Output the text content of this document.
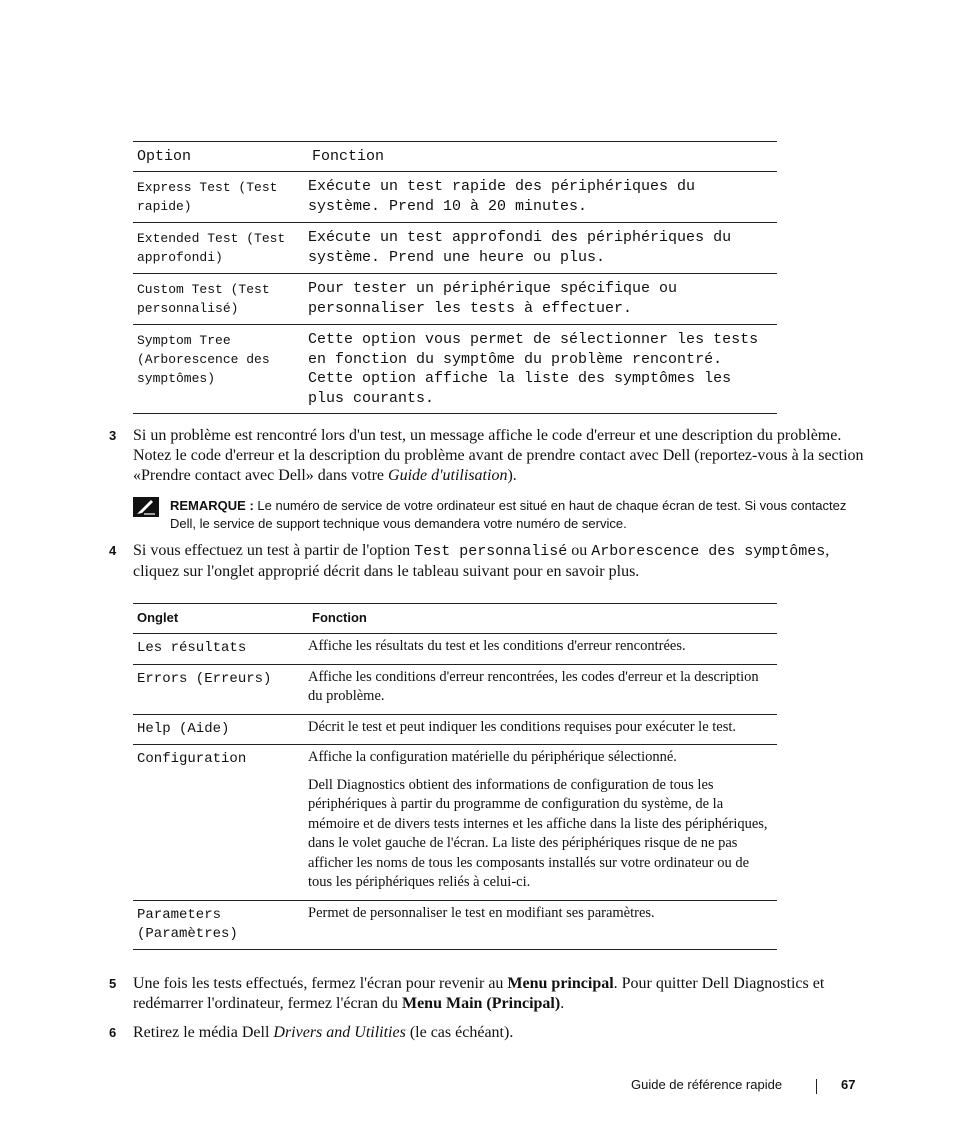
Option	Fonction
Express Test (Test rapide)	Exécute un test rapide des périphériques du système. Prend 10 à 20 minutes.
Extended Test (Test approfondi)	Exécute un test approfondi des périphériques du système. Prend une heure ou plus.
Custom Test (Test personnalisé)	Pour tester un périphérique spécifique ou personnaliser les tests à effectuer.
Symptom Tree (Arborescence des symptômes)	Cette option vous permet de sélectionner les tests en fonction du symptôme du problème rencontré. Cette option affiche la liste des symptômes les plus courants.
3 Si un problème est rencontré lors d'un test, un message affiche le code d'erreur et une description du problème. Notez le code d'erreur et la description du problème avant de prendre contact avec Dell (reportez-vous à la section «Prendre contact avec Dell» dans votre Guide d'utilisation).
REMARQUE : Le numéro de service de votre ordinateur est situé en haut de chaque écran de test. Si vous contactez Dell, le service de support technique vous demandera votre numéro de service.
4 Si vous effectuez un test à partir de l'option Test personnalisé ou Arborescence des symptômes, cliquez sur l'onglet approprié décrit dans le tableau suivant pour en savoir plus.
Onglet	Fonction
Les résultats	Affiche les résultats du test et les conditions d'erreur rencontrées.

Errors (Erreurs)	Affiche les conditions d'erreur rencontrées, les codes d'erreur et la description du problème.

Help (Aide)	Décrit le test et peut indiquer les conditions requises pour exécuter le test.

Configuration	Affiche la configuration matérielle du périphérique sélectionné.

Dell Diagnostics obtient des informations de configuration de tous les périphériques à partir du programme de configuration du système, de la mémoire et de divers tests internes et les affiche dans la liste des périphériques, dans le volet gauche de l'écran. La liste des périphériques risque de ne pas afficher les noms de tous les composants installés sur votre ordinateur ou de tous les périphériques reliés à celui-ci.

Parameters (Paramètres)	Permet de personnaliser le test en modifiant ses paramètres.

5 Une fois les tests effectués, fermez l'écran pour revenir au Menu principal. Pour quitter Dell Diagnostics et redémarrer l'ordinateur, fermez l'écran du Menu Main (Principal).
6 Retirez le média Dell Drivers and Utilities (le cas échéant).
Guide de référence rapide	67
